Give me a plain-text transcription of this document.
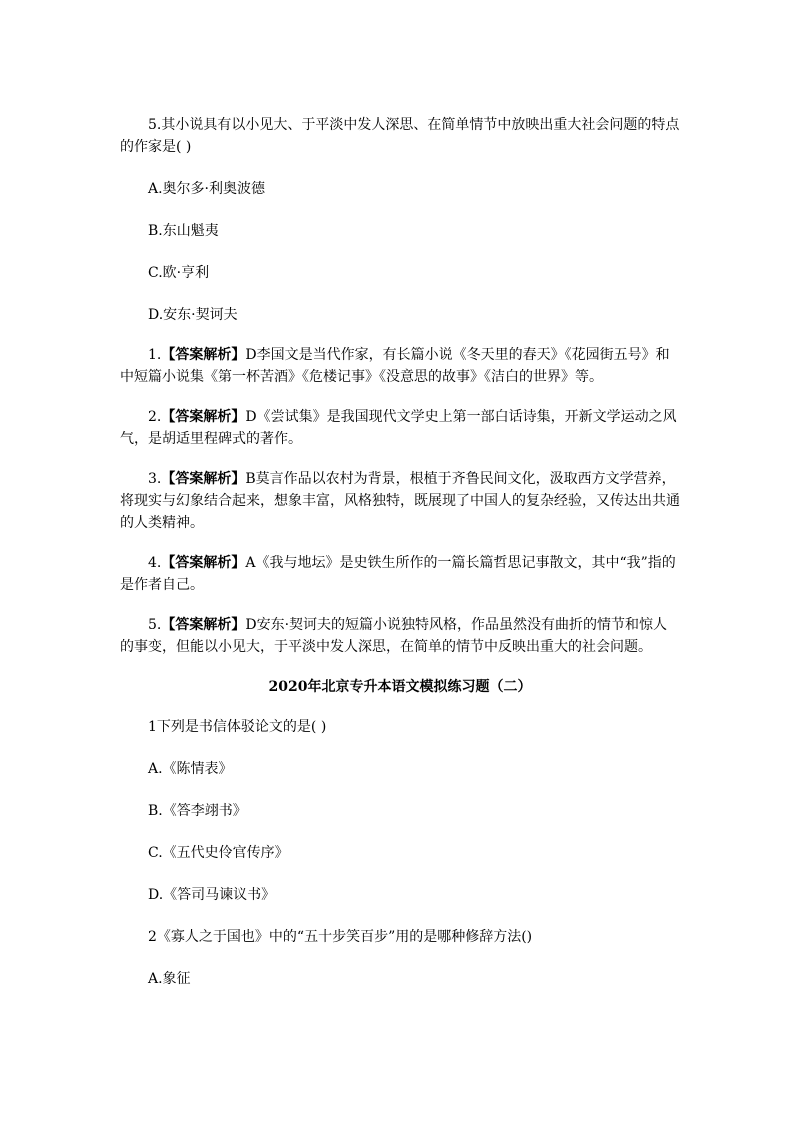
5.其小说具有以小见大、于平淡中发人深思、在简单情节中放映出重大社会问题的特点的作家是( )

A.奥尔多·利奥波德

B.东山魁夷

C.欧·亨利

D.安东·契诃夫

1.【答案解析】D李国文是当代作家，有长篇小说《冬天里的春天》《花园街五号》和中短篇小说集《第一杯苦酒》《危楼记事》《没意思的故事》《洁白的世界》等。

2.【答案解析】D《尝试集》是我国现代文学史上第一部白话诗集，开新文学运动之风气，是胡适里程碑式的著作。

3.【答案解析】B莫言作品以农村为背景，根植于齐鲁民间文化，汲取西方文学营养，将现实与幻象结合起来，想象丰富，风格独特，既展现了中国人的复杂经验，又传达出共通的人类精神。

4.【答案解析】A《我与地坛》是史铁生所作的一篇长篇哲思记事散文，其中“我”指的是作者自己。

5.【答案解析】D安东·契诃夫的短篇小说独特风格，作品虽然没有曲折的情节和惊人的事变，但能以小见大，于平淡中发人深思，在简单的情节中反映出重大的社会问题。

2020年北京专升本语文模拟练习题（二）

1下列是书信体驳论文的是( )

A.《陈情表》

B.《答李翊书》

C.《五代史伶官传序》

D.《答司马谏议书》

2《寡人之于国也》中的“五十步笑百步”用的是哪种修辞方法()

A.象征
